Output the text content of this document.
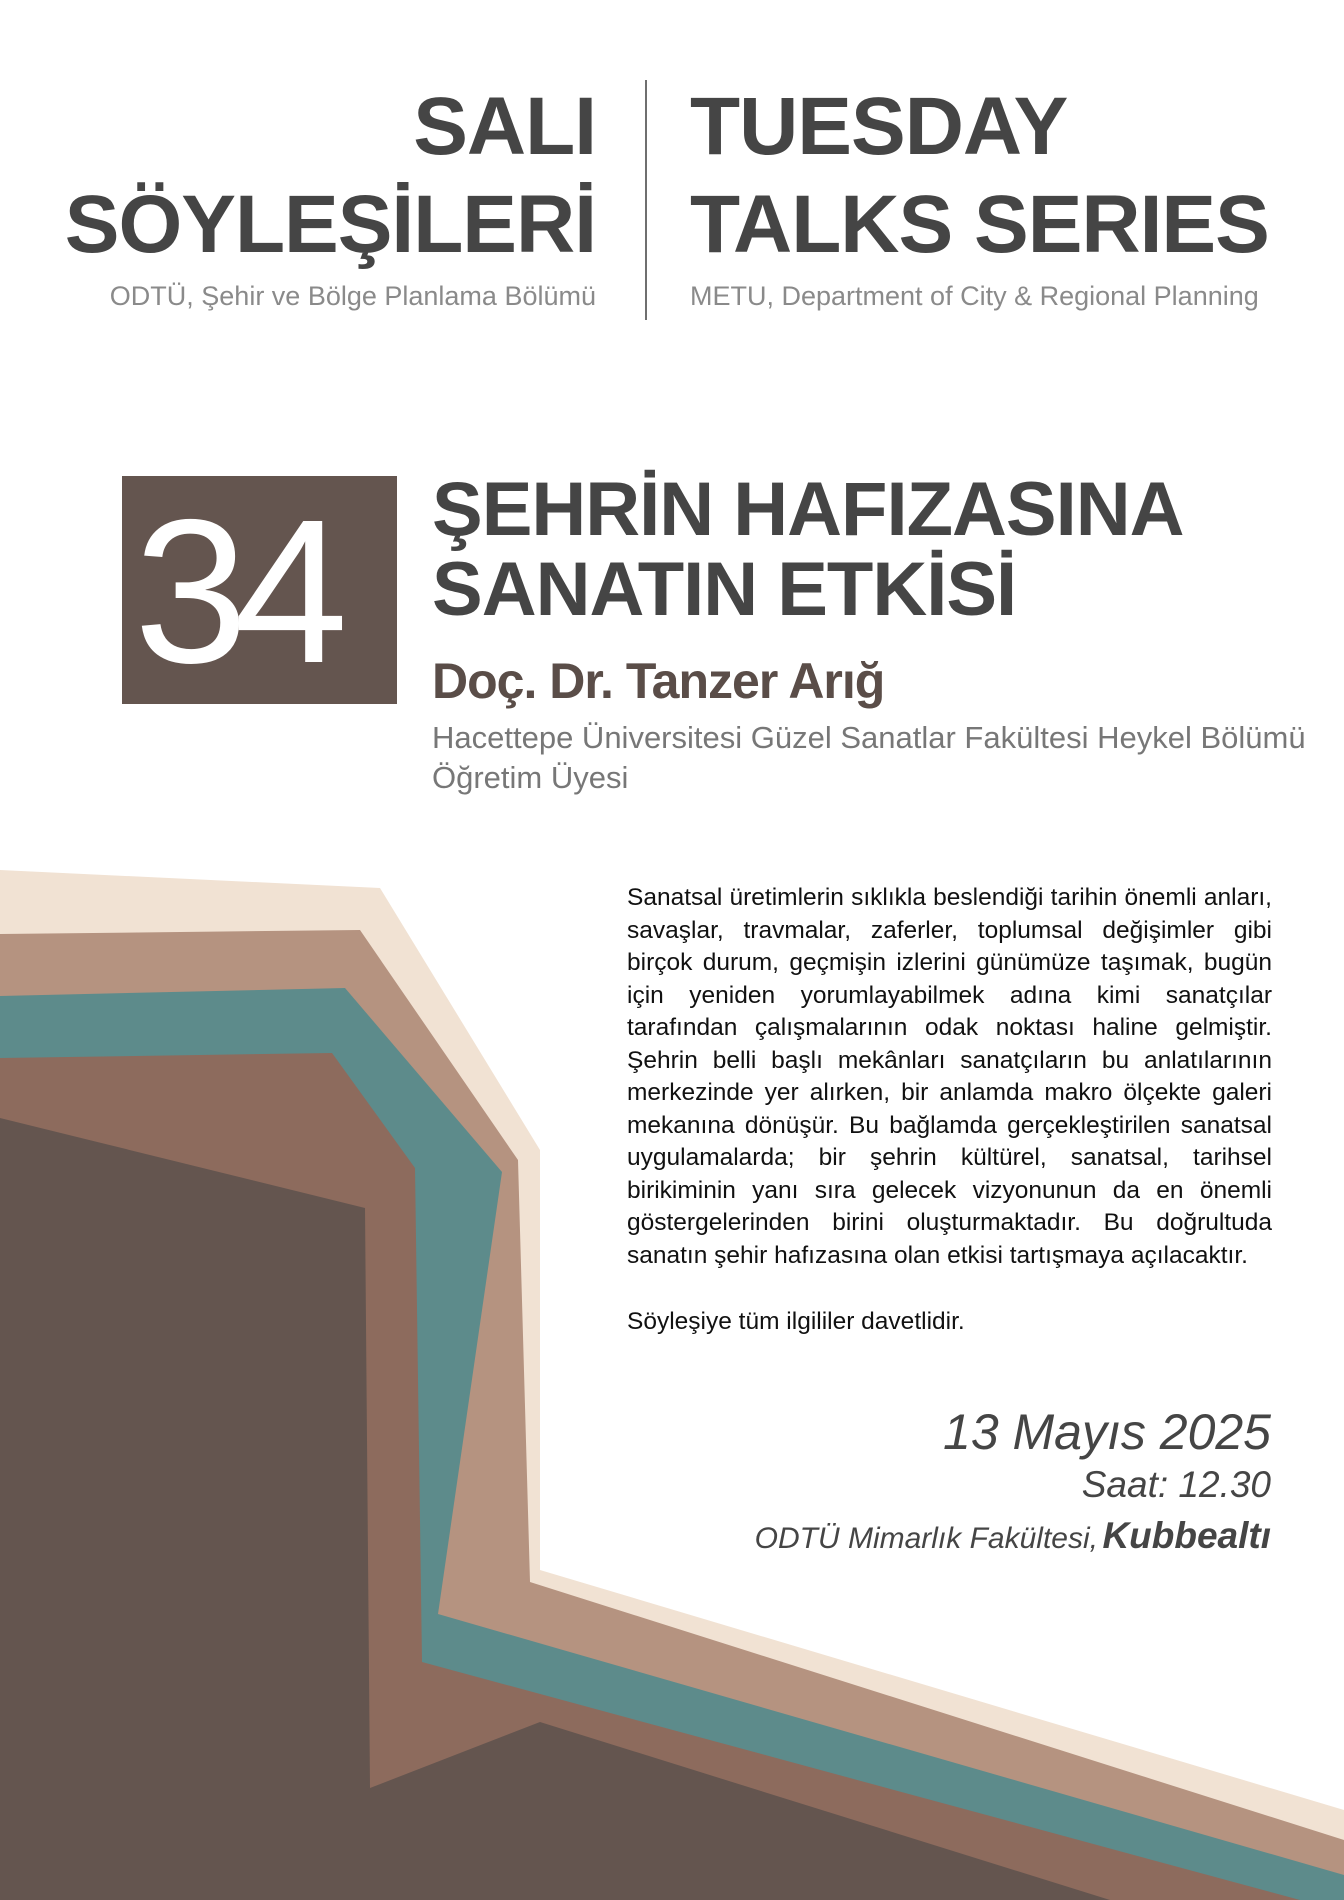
SALI
SÖYLEŞİLERİ
ODTÜ, Şehir ve Bölge Planlama Bölümü
TUESDAY
TALKS SERIES
METU, Department of City & Regional Planning
34 ŞEHRİN HAFIZASINA
SANATIN ETKİSİ
Doç. Dr. Tanzer Arığ
Hacettepe Üniversitesi Güzel Sanatlar Fakültesi Heykel Bölümü
Öğretim Üyesi
Sanatsal üretimlerin sıklıkla beslendiği tarihin önemli anları, savaşlar, travmalar, zaferler, toplumsal değişimler gibi birçok durum, geçmişin izlerini günümüze taşımak, bugün için yeniden yorumlayabilmek adına kimi sanatçılar tarafından çalışmalarının odak noktası haline gelmiştir. Şehrin belli başlı mekânları sanatçıların bu anlatılarının merkezinde yer alırken, bir anlamda makro ölçekte galeri mekanına dönüşür. Bu bağlamda gerçekleştirilen sanatsal uygulamalarda; bir şehrin kültürel, sanatsal, tarihsel birikiminin yanı sıra gelecek vizyonunun da en önemli göstergelerinden birini oluşturmaktadır. Bu doğrultuda sanatın şehir hafızasına olan etkisi tartışmaya açılacaktır.
Söyleşiye tüm ilgililer davetlidir.
13 Mayıs 2025
Saat: 12.30
ODTÜ Mimarlık Fakültesi, Kubbealtı
